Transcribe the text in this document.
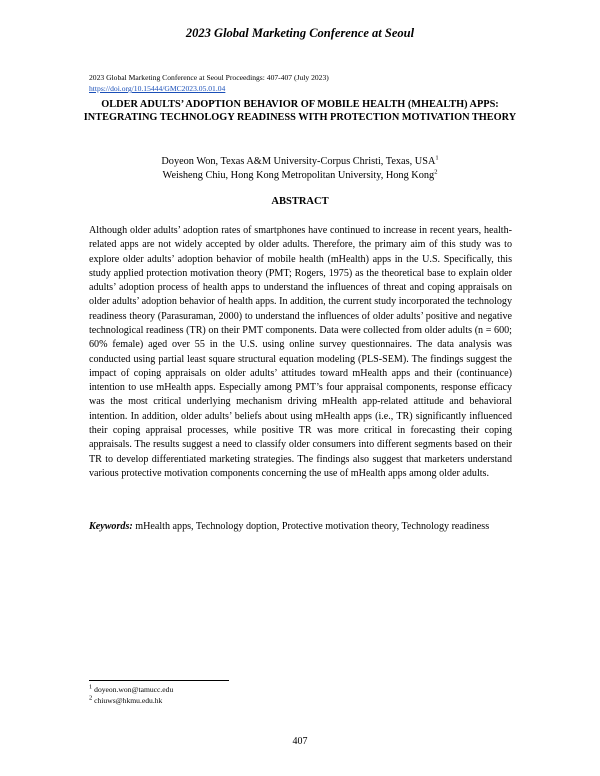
2023 Global Marketing Conference at Seoul
2023 Global Marketing Conference at Seoul Proceedings: 407-407 (July 2023)
https://doi.org/10.15444/GMC2023.05.01.04
OLDER ADULTS’ ADOPTION BEHAVIOR OF MOBILE HEALTH (MHEALTH) APPS: INTEGRATING TECHNOLOGY READINESS WITH PROTECTION MOTIVATION THEORY
Doyeon Won, Texas A&M University-Corpus Christi, Texas, USA$^1$
Weisheng Chiu, Hong Kong Metropolitan University, Hong Kong$^2$
ABSTRACT

Although older adults’ adoption rates of smartphones have continued to increase in recent years, health-related apps are not widely accepted by older adults. Therefore, the primary aim of this study was to explore older adults’ adoption behavior of mobile health (mHealth) apps in the U.S. Specifically, this study applied protection motivation theory (PMT; Rogers, 1975) as the theoretical base to explain older adults’ adoption process of health apps to understand the influences of threat and coping appraisals on older adults’ adoption behavior of health apps. In addition, the current study incorporated the technology readiness theory (Parasuraman, 2000) to understand the influences of older adults’ positive and negative technological readiness (TR) on their PMT components. Data were collected from older adults (n = 600; 60% female) aged over 55 in the U.S. using online survey questionnaires. The data analysis was conducted using partial least square structural equation modeling (PLS-SEM). The findings suggest the impact of coping appraisals on older adults’ attitudes toward mHealth apps and their (continuance) intention to use mHealth apps. Especially among PMT’s four appraisal components, response efficacy was the most critical underlying mechanism driving mHealth app-related attitude and behavioral intention. In addition, older adults’ beliefs about using mHealth apps (i.e., TR) significantly influenced their coping appraisal processes, while positive TR was more critical in forecasting their coping appraisals. The results suggest a need to classify older consumers into different segments based on their TR to develop differentiated marketing strategies. The findings also suggest that marketers understand various protective motivation components concerning the use of mHealth apps among older adults.

Keywords: mHealth apps, Technology doption, Protective motivation theory, Technology readiness
$^1$ doyeon.won@tamucc.edu
$^2$ chiuws@hkmu.edu.hk
407
